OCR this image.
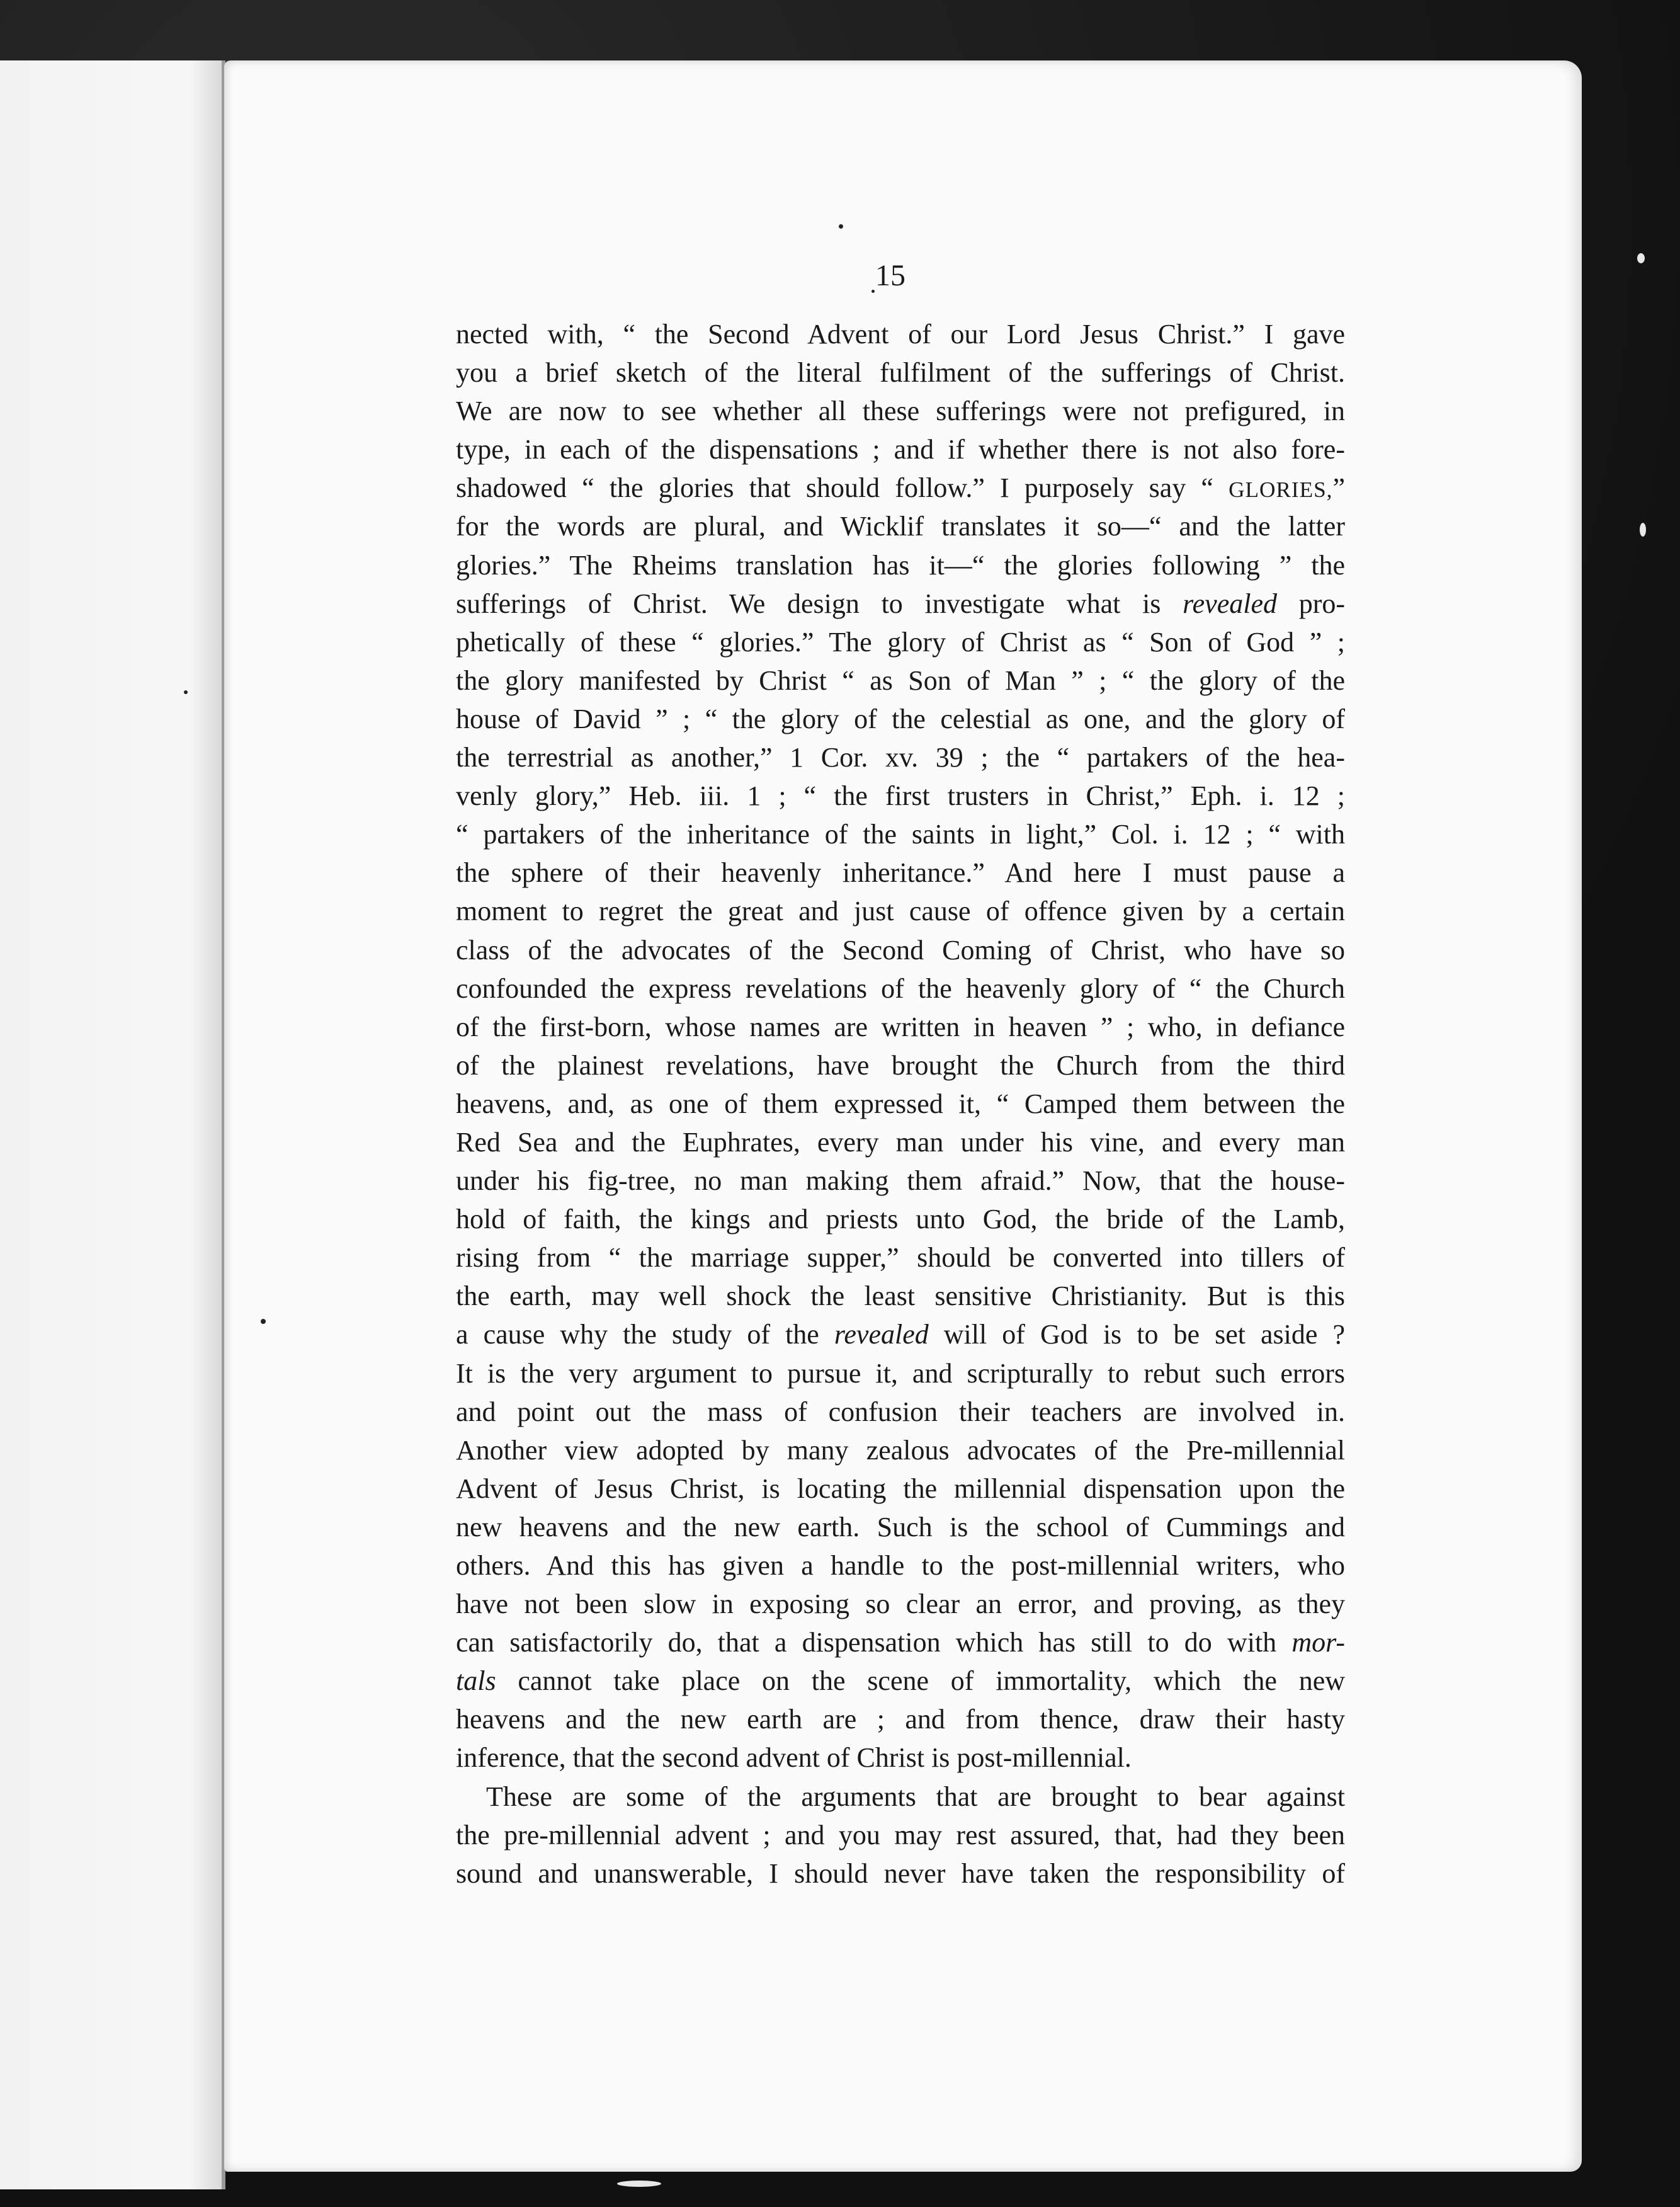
15
nected with, “ the Second Advent of our Lord Jesus Christ.” I gave
you a brief sketch of the literal fulfilment of the sufferings of Christ.
We are now to see whether all these sufferings were not prefigured, in
type, in each of the dispensations ; and if whether there is not also fore-
shadowed “ the glories that should follow.” I purposely say “ GLORIES,”
for the words are plural, and Wicklif translates it so—“ and the latter
glories.” The Rheims translation has it—“ the glories following ” the
sufferings of Christ. We design to investigate what is revealed pro-
phetically of these “ glories.” The glory of Christ as “ Son of God ” ;
the glory manifested by Christ “ as Son of Man ” ; “ the glory of the
house of David ” ; “ the glory of the celestial as one, and the glory of
the terrestrial as another,” 1 Cor. xv. 39 ; the “ partakers of the hea-
venly glory,” Heb. iii. 1 ; “ the first trusters in Christ,” Eph. i. 12 ;
“ partakers of the inheritance of the saints in light,” Col. i. 12 ; “ with
the sphere of their heavenly inheritance.” And here I must pause a
moment to regret the great and just cause of offence given by a certain
class of the advocates of the Second Coming of Christ, who have so
confounded the express revelations of the heavenly glory of “ the Church
of the first-born, whose names are written in heaven ” ; who, in defiance
of the plainest revelations, have brought the Church from the third
heavens, and, as one of them expressed it, “ Camped them between the
Red Sea and the Euphrates, every man under his vine, and every man
under his fig-tree, no man making them afraid.” Now, that the house-
hold of faith, the kings and priests unto God, the bride of the Lamb,
rising from “ the marriage supper,” should be converted into tillers of
the earth, may well shock the least sensitive Christianity. But is this
a cause why the study of the revealed will of God is to be set aside ?
It is the very argument to pursue it, and scripturally to rebut such errors
and point out the mass of confusion their teachers are involved in.
Another view adopted by many zealous advocates of the Pre-millennial
Advent of Jesus Christ, is locating the millennial dispensation upon the
new heavens and the new earth. Such is the school of Cummings and
others. And this has given a handle to the post-millennial writers, who
have not been slow in exposing so clear an error, and proving, as they
can satisfactorily do, that a dispensation which has still to do with mor-
tals cannot take place on the scene of immortality, which the new
heavens and the new earth are ; and from thence, draw their hasty
inference, that the second advent of Christ is post-millennial.
These are some of the arguments that are brought to bear against
the pre-millennial advent ; and you may rest assured, that, had they been
sound and unanswerable, I should never have taken the responsibility of
